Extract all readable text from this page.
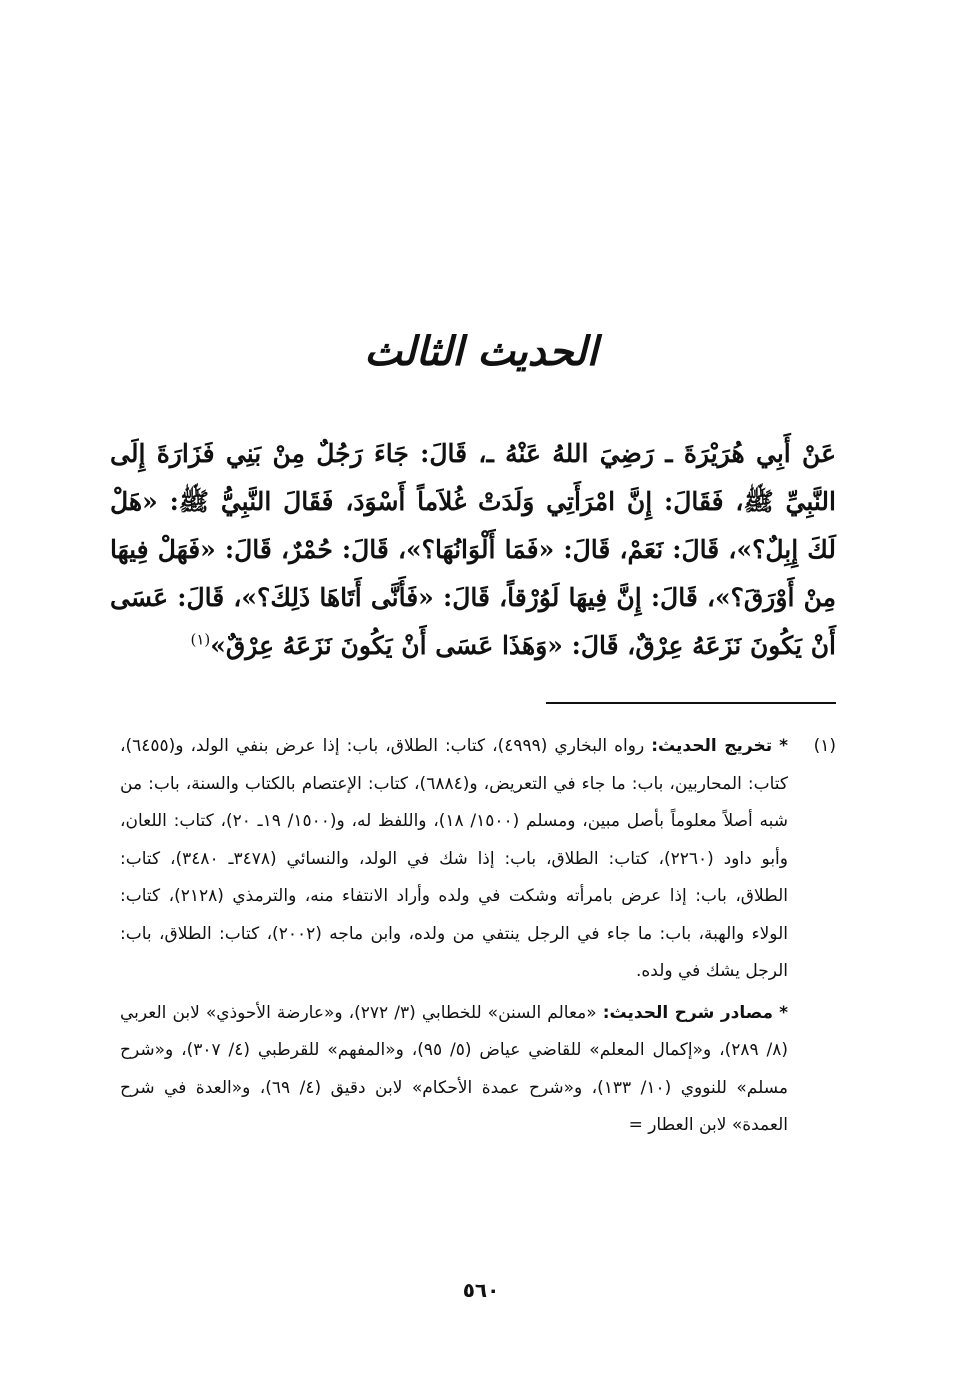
الحديث الثالث
عَنْ أَبِي هُرَيْرَةَ ـ رَضِيَ اللهُ عَنْهُ ـ، قَالَ: جَاءَ رَجُلٌ مِنْ بَنِي فَزَارَةَ إِلَى النَّبِيِّ ﷺ، فَقَالَ: إِنَّ امْرَأَتِي وَلَدَتْ غُلاَماً أَسْوَدَ، فَقَالَ النَّبِيُّ ﷺ: «هَلْ لَكَ إِبِلٌ؟»، قَالَ: نَعَمْ، قَالَ: «فَمَا أَلْوَانُهَا؟»، قَالَ: حُمْرٌ، قَالَ: «فَهَلْ فِيهَا مِنْ أَوْرَقَ؟»، قَالَ: إِنَّ فِيهَا لَوُرْقاً، قَالَ: «فَأَنَّى أَتَاهَا ذَلِكَ؟»، قَالَ: عَسَى أَنْ يَكُونَ نَزَعَهُ عِرْقٌ، قَالَ: «وَهَذَا عَسَى أَنْ يَكُونَ نَزَعَهُ عِرْقٌ»$^{(١)}$
(١)
* تخريج الحديث: رواه البخاري (٤٩٩٩)، كتاب: الطلاق، باب: إذا عرض بنفي الولد، و(٦٤٥٥)، كتاب: المحاربين، باب: ما جاء في التعريض، و(٦٨٨٤)، كتاب: الإعتصام بالكتاب والسنة، باب: من شبه أصلاً معلوماً بأصل مبين، ومسلم (١٥٠٠/ ١٨)، واللفظ له، و(١٥٠٠/ ١٩ـ ٢٠)، كتاب: اللعان، وأبو داود (٢٢٦٠)، كتاب: الطلاق، باب: إذا شك في الولد، والنسائي (٣٤٧٨ـ ٣٤٨٠)، كتاب: الطلاق، باب: إذا عرض بامرأته وشكت في ولده وأراد الانتفاء منه، والترمذي (٢١٢٨)، كتاب: الولاء والهبة، باب: ما جاء في الرجل ينتفي من ولده، وابن ماجه (٢٠٠٢)، كتاب: الطلاق، باب: الرجل يشك في ولده.
* مصادر شرح الحديث: «معالم السنن» للخطابي (٣/ ٢٧٢)، و«عارضة الأحوذي» لابن العربي (٨/ ٢٨٩)، و«إكمال المعلم» للقاضي عياض (٥/ ٩٥)، و«المفهم» للقرطبي (٤/ ٣٠٧)، و«شرح مسلم» للنووي (١٠/ ١٣٣)، و«شرح عمدة الأحكام» لابن دقيق (٤/ ٦٩)، و«العدة في شرح العمدة» لابن العطار =
٥٦٠
